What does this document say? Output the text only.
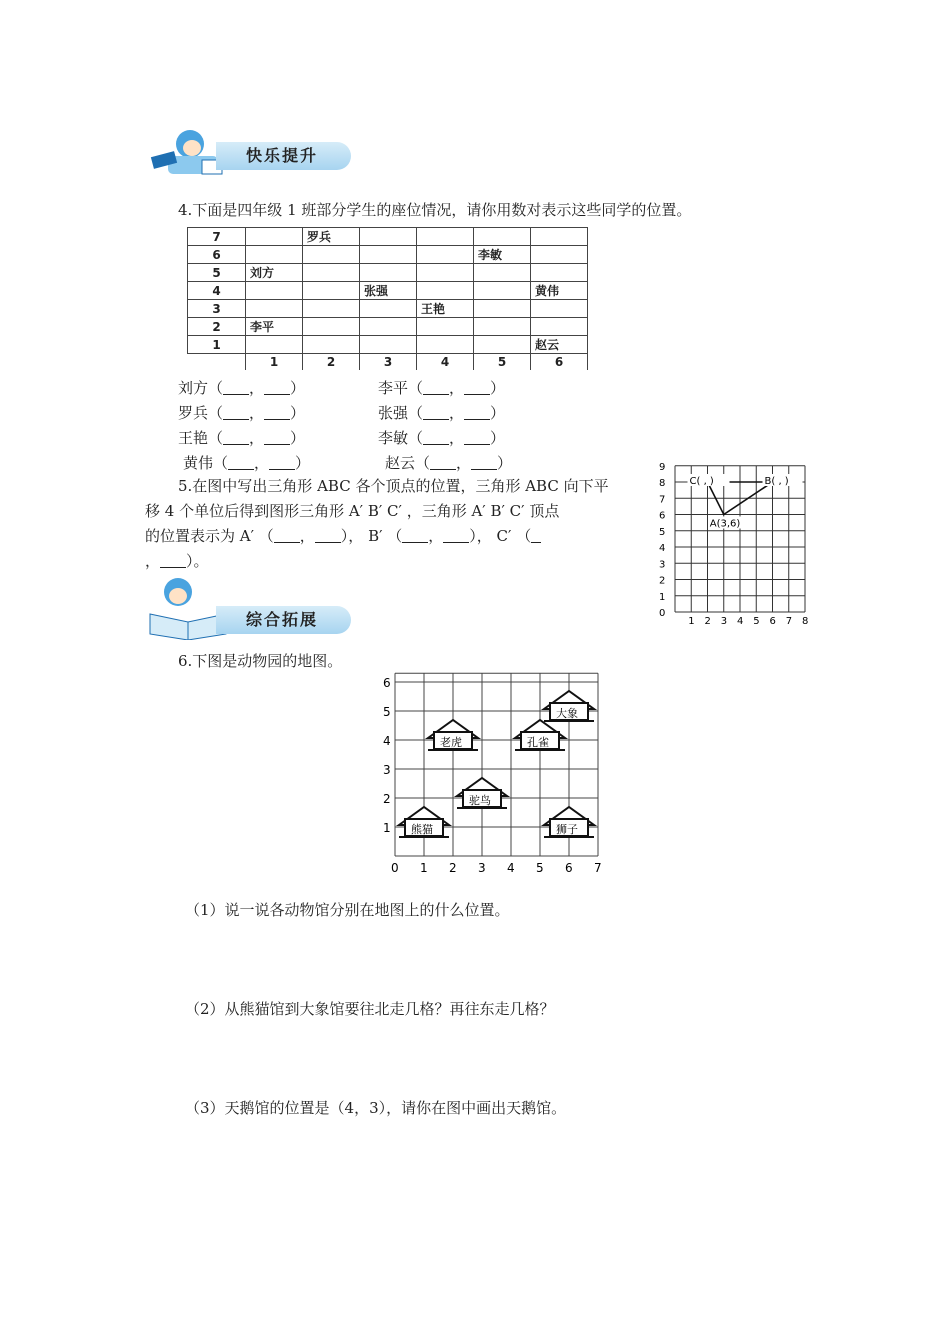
快乐提升
4.下面是四年级 1 班部分学生的座位情况，请你用数对表示这些同学的位置。
7		罗兵				
6					李敏	
5	刘方					
4			张强			黄伟
3				王艳		
2	李平					
1						赵云
	1	2	3	4	5	6
刘方（ ， ）	李平（ ， ）
罗兵（ ， ）	张强（ ， ）
王艳（ ， ）	李敏（ ， ）
黄伟（ ， ）	赵云（ ， ）
5.在图中写出三角形 ABC 各个顶点的位置，三角形 ABC 向下平
移 4 个单位后得到图形三角形 A′ B′ C′ ，三角形 A′ B′ C′ 顶点
的位置表示为 A′ （ ， ）， B′ （ ， ）， C′ （
， ）。
1 2 3 4 5 6 7 8
0
1
2
3
4
5
6
7
8
9
A(3,6)
B( , )
C( , )
综合拓展
6.下图是动物园的地图。
0 1 2 3 4 5 6 7
1
2
3
4
5
6
熊猫
驼鸟
老虎	孔雀
大象
狮子
（1）说一说各动物馆分别在地图上的什么位置。
（2）从熊猫馆到大象馆要往北走几格？再往东走几格？
（3）天鹅馆的位置是（4，3），请你在图中画出天鹅馆。
